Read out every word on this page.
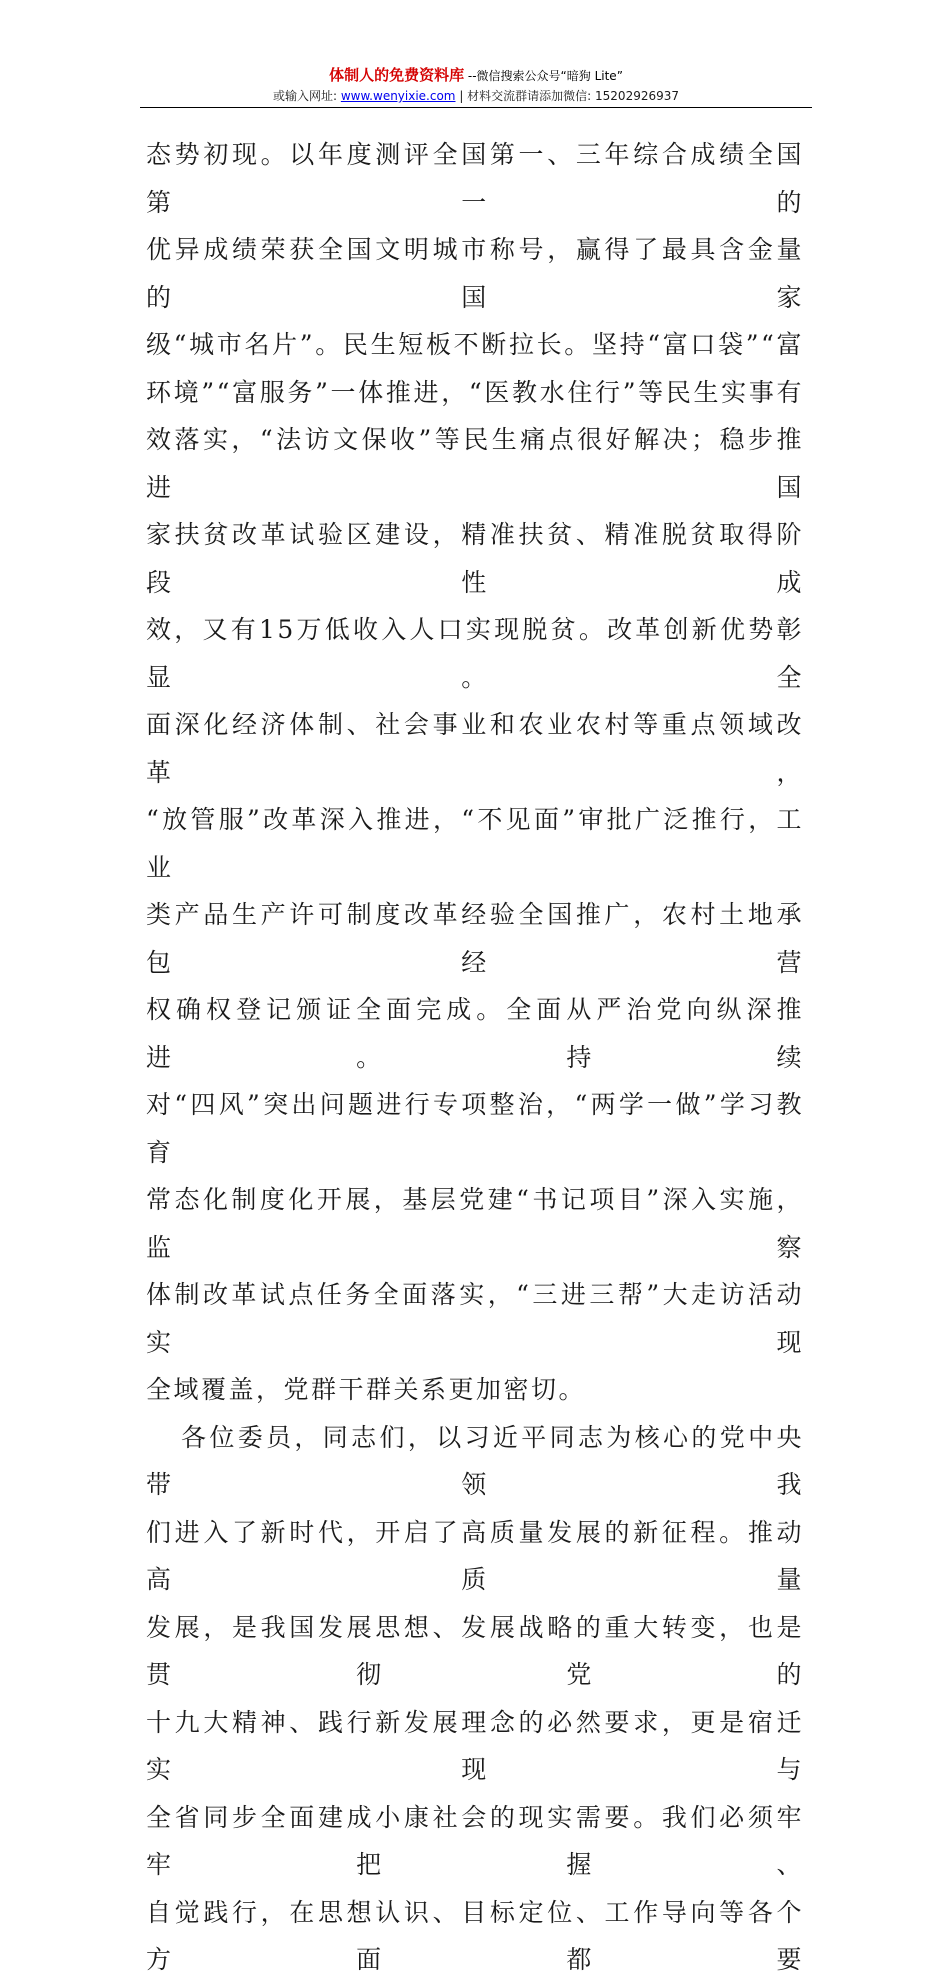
体制人的免费资料库 --微信搜索公众号“暗狗 Lite”
或输入网址: www.wenyixie.com | 材料交流群请添加微信: 15202926937

态势初现。以年度测评全国第一、三年综合成绩全国第一的

优异成绩荣获全国文明城市称号，赢得了最具含金量的国家

级“城市名片”。民生短板不断拉长。坚持“富口袋”“富

环境”“富服务”一体推进，“医教水住行”等民生实事有

效落实，“法访文保收”等民生痛点很好解决；稳步推进国

家扶贫改革试验区建设，精准扶贫、精准脱贫取得阶段性成

效，又有15万低收入人口实现脱贫。改革创新优势彰显。全

面深化经济体制、社会事业和农业农村等重点领域改革，

“放管服”改革深入推进，“不见面”审批广泛推行，工业

类产品生产许可制度改革经验全国推广，农村土地承包经营

权确权登记颁证全面完成。全面从严治党向纵深推进。持续

对“四风”突出问题进行专项整治，“两学一做”学习教育

常态化制度化开展，基层党建“书记项目”深入实施，监察

体制改革试点任务全面落实，“三进三帮”大走访活动实现

全域覆盖，党群干群关系更加密切。

各位委员，同志们，以习近平同志为核心的党中央带领我

们进入了新时代，开启了高质量发展的新征程。推动高质量

发展，是我国发展思想、发展战略的重大转变，也是贯彻党的

十九大精神、践行新发展理念的必然要求，更是宿迁实现与

全省同步全面建成小康社会的现实需要。我们必须牢牢把握、

自觉践行，在思想认识、目标定位、工作导向等各个方面都要
